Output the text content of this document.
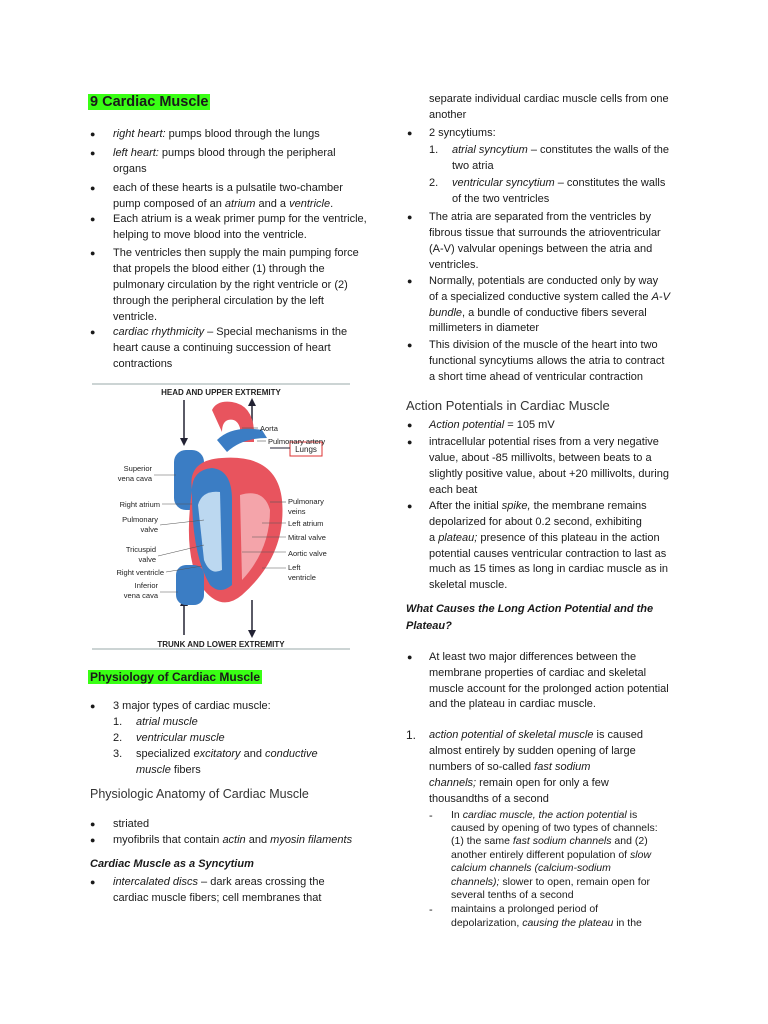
9 Cardiac Muscle
● right heart: pumps blood through the lungs
● left heart: pumps blood through the peripheral organs
● each of these hearts is a pulsatile two-chamber pump composed of an atrium and a ventricle.
● Each atrium is a weak primer pump for the ventricle, helping to move blood into the ventricle.
● The ventricles then supply the main pumping force that propels the blood either (1) through the pulmonary circulation by the right ventricle or (2) through the peripheral circulation by the left ventricle.
● cardiac rhythmicity – Special mechanisms in the heart cause a continuing succession of heart contractions
HEAD AND UPPER EXTREMITY
TRUNK AND LOWER EXTREMITY
Lungs
Superior
vena cava
Right atrium
Pulmonary
valve
Tricuspid
valve
Right ventricle
Inferior
vena cava
Aorta
Pulmonary artery
Pulmonary
veins
Left atrium
Mitral valve
Aortic valve
Left
ventricle
Physiology of Cardiac Muscle
● 3 major types of cardiac muscle:
1. atrial muscle
2. ventricular muscle
3. specialized excitatory and conductive muscle fibers
Physiologic Anatomy of Cardiac Muscle
● striated
● myofibrils that contain actin and myosin filaments
Cardiac Muscle as a Syncytium
● intercalated discs – dark areas crossing the cardiac muscle fibers; cell membranes that
separate individual cardiac muscle cells from one
another
● 2 syncytiums:
1. atrial syncytium – constitutes the walls of the
two atria
2. ventricular syncytium – constitutes the walls
of the two ventricles
● The atria are separated from the ventricles by
fibrous tissue that surrounds the atrioventricular
(A-V) valvular openings between the atria and
ventricles.
● Normally, potentials are conducted only by way
of a specialized conductive system called the A-V
bundle, a bundle of conductive fibers several
millimeters in diameter
● This division of the muscle of the heart into two
functional syncytiums allows the atria to contract
a short time ahead of ventricular contraction
Action Potentials in Cardiac Muscle
● Action potential = 105 mV
● intracellular potential rises from a very negative
value, about -85 millivolts, between beats to a
slightly positive value, about +20 millivolts, during
each beat
● After the initial spike, the membrane remains
depolarized for about 0.2 second, exhibiting
a plateau; presence of this plateau in the action
potential causes ventricular contraction to last as
much as 15 times as long in cardiac muscle as in
skeletal muscle.
What Causes the Long Action Potential and the
Plateau?
● At least two major differences between the
membrane properties of cardiac and skeletal
muscle account for the prolonged action potential
and the plateau in cardiac muscle.
1. action potential of skeletal muscle is caused
almost entirely by sudden opening of large
numbers of so-called fast sodium
channels; remain open for only a few
thousandths of a second
- In cardiac muscle, the action potential is
caused by opening of two types of channels:
(1) the same fast sodium channels and (2)
another entirely different population of slow
calcium channels (calcium-sodium
channels); slower to open, remain open for
several tenths of a second
- maintains a prolonged period of
depolarization, causing the plateau in the
